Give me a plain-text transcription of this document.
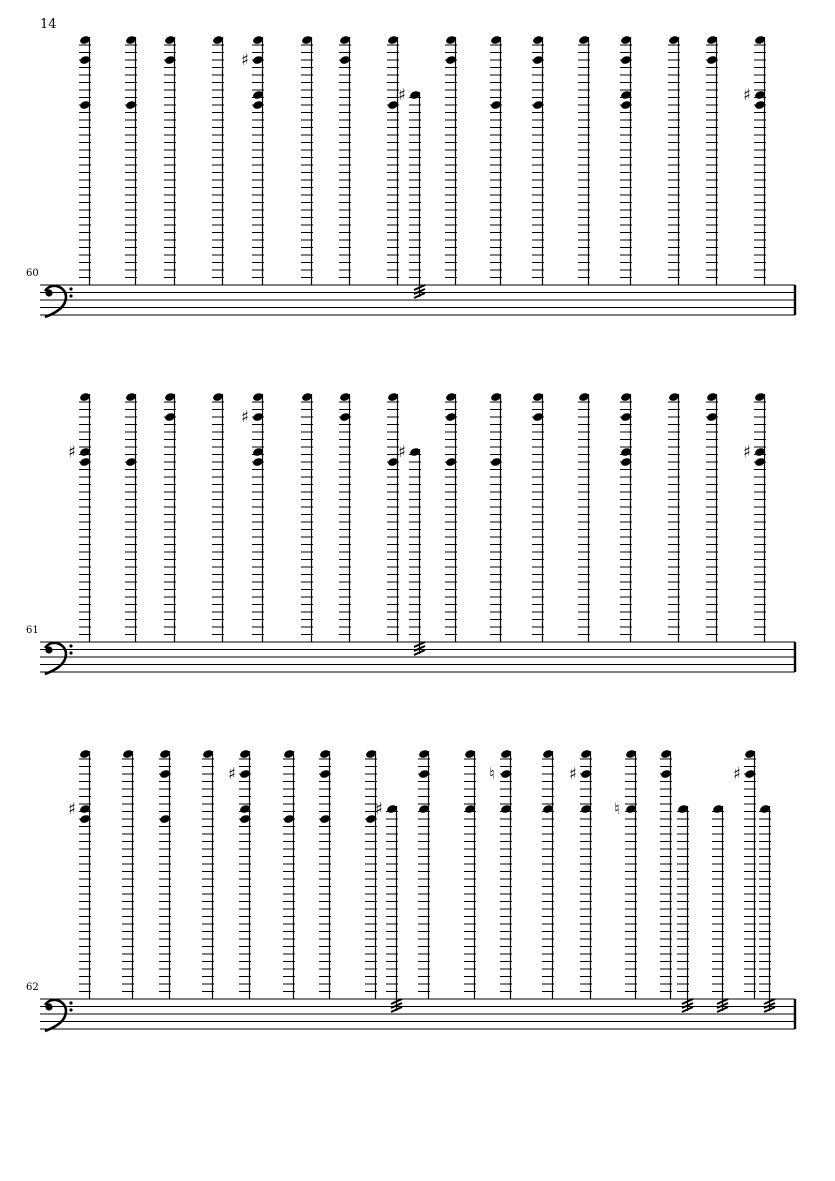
14
60
61
62
♯
♯	♯
♯
♯
♯	♯
♯
♯
♯
♮	♯
♮
♯
